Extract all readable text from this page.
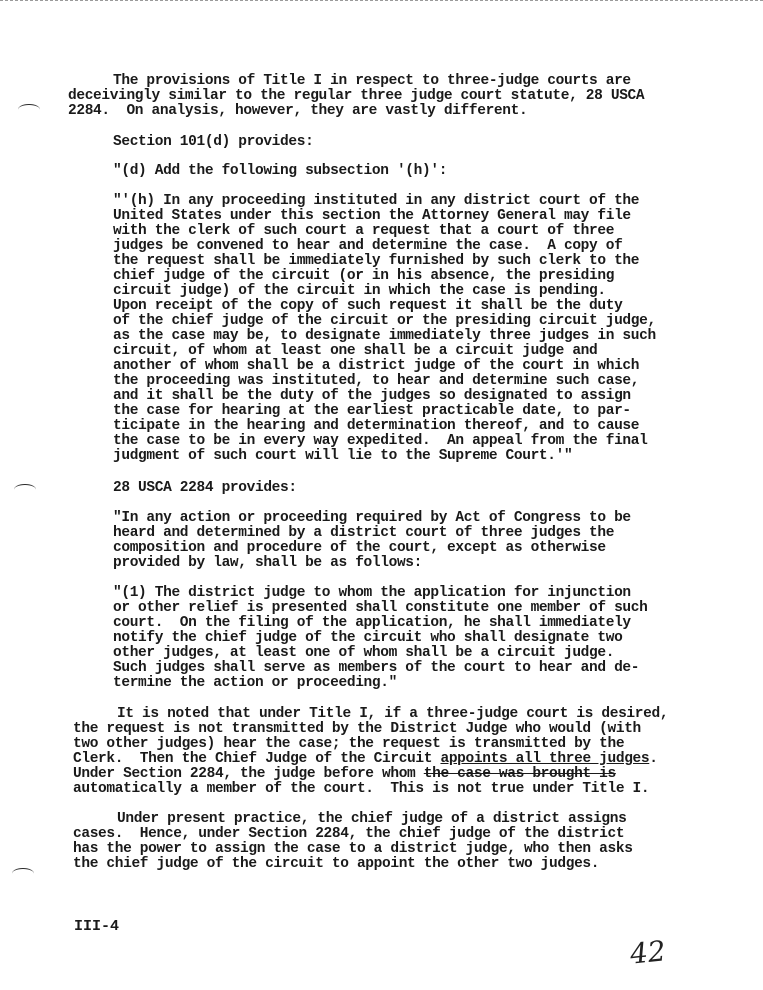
The provisions of Title I in respect to three-judge courts are
deceivingly similar to the regular three judge court statute, 28 USCA
2284.  On analysis, however, they are vastly different.
Section 101(d) provides:
"(d) Add the following subsection '(h)':
"'(h) In any proceeding instituted in any district court of the
United States under this section the Attorney General may file
with the clerk of such court a request that a court of three
judges be convened to hear and determine the case.  A copy of
the request shall be immediately furnished by such clerk to the
chief judge of the circuit (or in his absence, the presiding
circuit judge) of the circuit in which the case is pending.
Upon receipt of the copy of such request it shall be the duty
of the chief judge of the circuit or the presiding circuit judge,
as the case may be, to designate immediately three judges in such
circuit, of whom at least one shall be a circuit judge and
another of whom shall be a district judge of the court in which
the proceeding was instituted, to hear and determine such case,
and it shall be the duty of the judges so designated to assign
the case for hearing at the earliest practicable date, to par-
ticipate in the hearing and determination thereof, and to cause
the case to be in every way expedited.  An appeal from the final
judgment of such court will lie to the Supreme Court.'"
28 USCA 2284 provides:
"In any action or proceeding required by Act of Congress to be
heard and determined by a district court of three judges the
composition and procedure of the court, except as otherwise
provided by law, shall be as follows:
"(1) The district judge to whom the application for injunction
or other relief is presented shall constitute one member of such
court.  On the filing of the application, he shall immediately
notify the chief judge of the circuit who shall designate two
other judges, at least one of whom shall be a circuit judge.
Such judges shall serve as members of the court to hear and de-
termine the action or proceeding."
It is noted that under Title I, if a three-judge court is desired,
the request is not transmitted by the District Judge who would (with
two other judges) hear the case; the request is transmitted by the
Clerk.  Then the Chief Judge of the Circuit appoints all three judges.
Under Section 2284, the judge before whom the case was brought is
automatically a member of the court.  This is not true under Title I.
Under present practice, the chief judge of a district assigns
cases.  Hence, under Section 2284, the chief judge of the district
has the power to assign the case to a district judge, who then asks
the chief judge of the circuit to appoint the other two judges.
III-4
42
